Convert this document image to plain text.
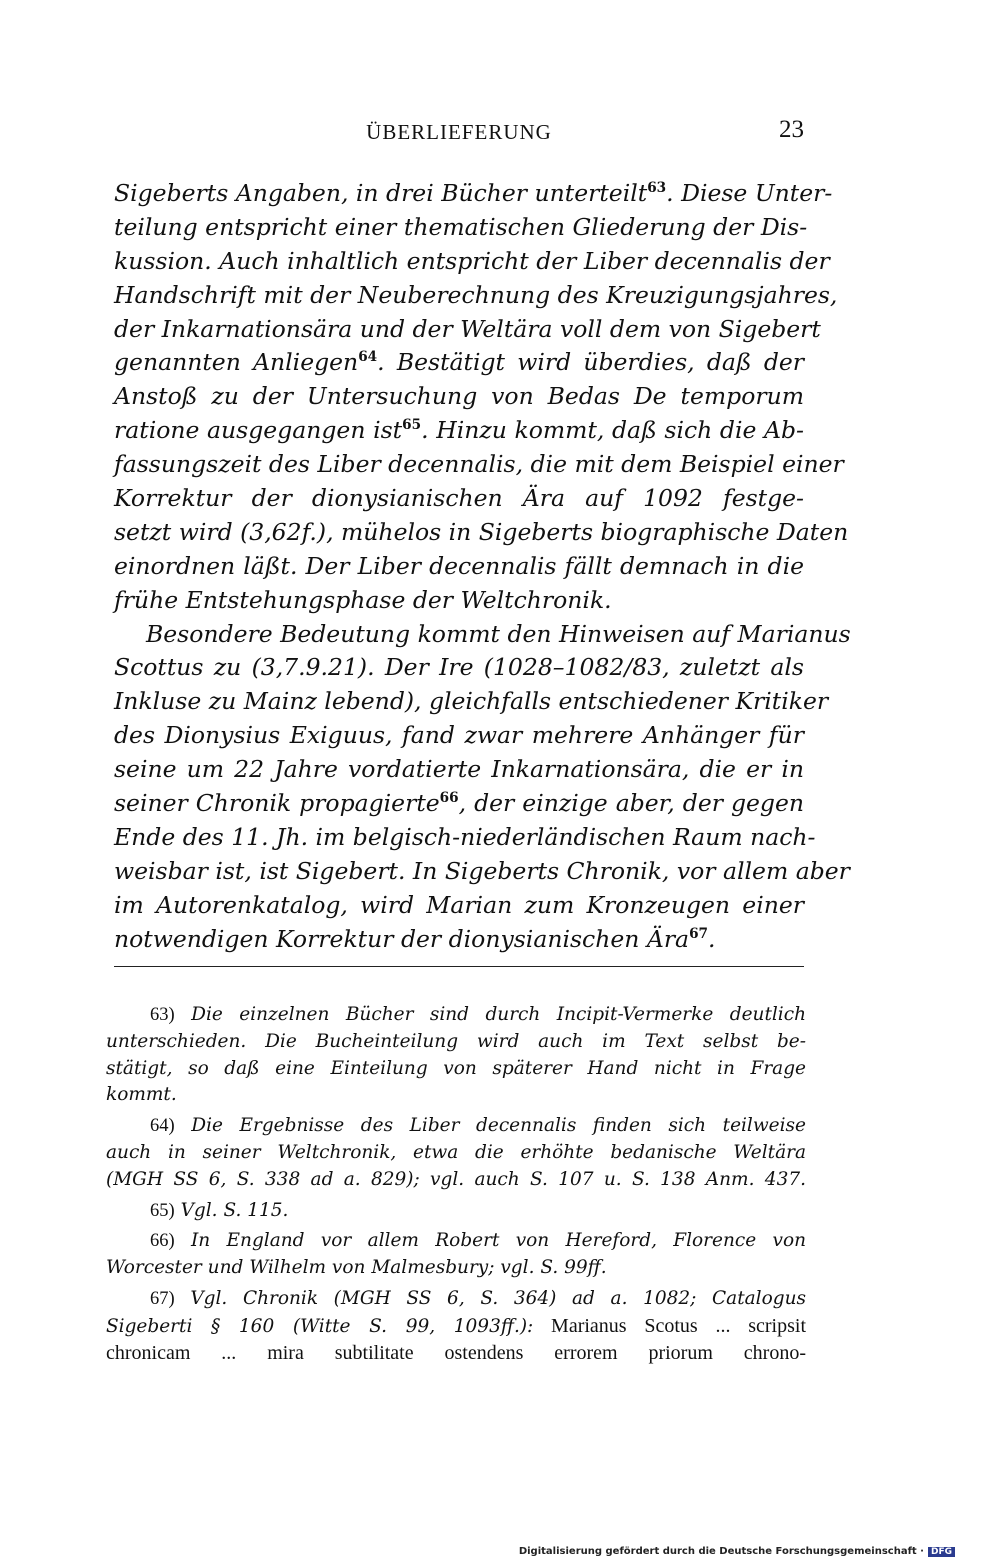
ÜBERLIEFERUNG	23
Sigeberts Angaben, in drei Bücher unterteilt$^{63}$. Diese Unter-
teilung entspricht einer thematischen Gliederung der Dis-
kussion. Auch inhaltlich entspricht der Liber decennalis der
Handschrift mit der Neuberechnung des Kreuzigungsjahres,
der Inkarnationsära und der Weltära voll dem von Sigebert
genannten Anliegen$^{64}$. Bestätigt wird überdies, daß der
Anstoß zu der Untersuchung von Bedas De temporum
ratione ausgegangen ist$^{65}$. Hinzu kommt, daß sich die Ab-
fassungszeit des Liber decennalis, die mit dem Beispiel einer
Korrektur der dionysianischen Ära auf 1092 festge-
setzt wird (3,62f.), mühelos in Sigeberts biographische Daten
einordnen läßt. Der Liber decennalis fällt demnach in die
frühe Entstehungsphase der Weltchronik.
Besondere Bedeutung kommt den Hinweisen auf Marianus
Scottus zu (3,7.9.21). Der Ire (1028–1082/83, zuletzt als
Inkluse zu Mainz lebend), gleichfalls entschiedener Kritiker
des Dionysius Exiguus, fand zwar mehrere Anhänger für
seine um 22 Jahre vordatierte Inkarnationsära, die er in
seiner Chronik propagierte$^{66}$, der einzige aber, der gegen
Ende des 11. Jh. im belgisch-niederländischen Raum nach-
weisbar ist, ist Sigebert. In Sigeberts Chronik, vor allem aber
im Autorenkatalog, wird Marian zum Kronzeugen einer
notwendigen Korrektur der dionysianischen Ära$^{67}$.
63) Die einzelnen Bücher sind durch Incipit-Vermerke deutlich
unterschieden. Die Bucheinteilung wird auch im Text selbst be-
stätigt, so daß eine Einteilung von späterer Hand nicht in Frage
kommt.
64) Die Ergebnisse des Liber decennalis finden sich teilweise
auch in seiner Weltchronik, etwa die erhöhte bedanische Weltära
(MGH SS 6, S. 338 ad a. 829); vgl. auch S. 107 u. S. 138 Anm. 437.
65) Vgl. S. 115.
66) In England vor allem Robert von Hereford, Florence von
Worcester und Wilhelm von Malmesbury; vgl. S. 99ff.
67) Vgl. Chronik (MGH SS 6, S. 364) ad a. 1082; Catalogus
Sigeberti § 160 (Witte S. 99, 1093ff.): Marianus Scotus ... scripsit
chronicam ... mira subtilitate ostendens errorem priorum chrono-
Digitalisierung gefördert durch die Deutsche Forschungsgemeinschaft · DFG
